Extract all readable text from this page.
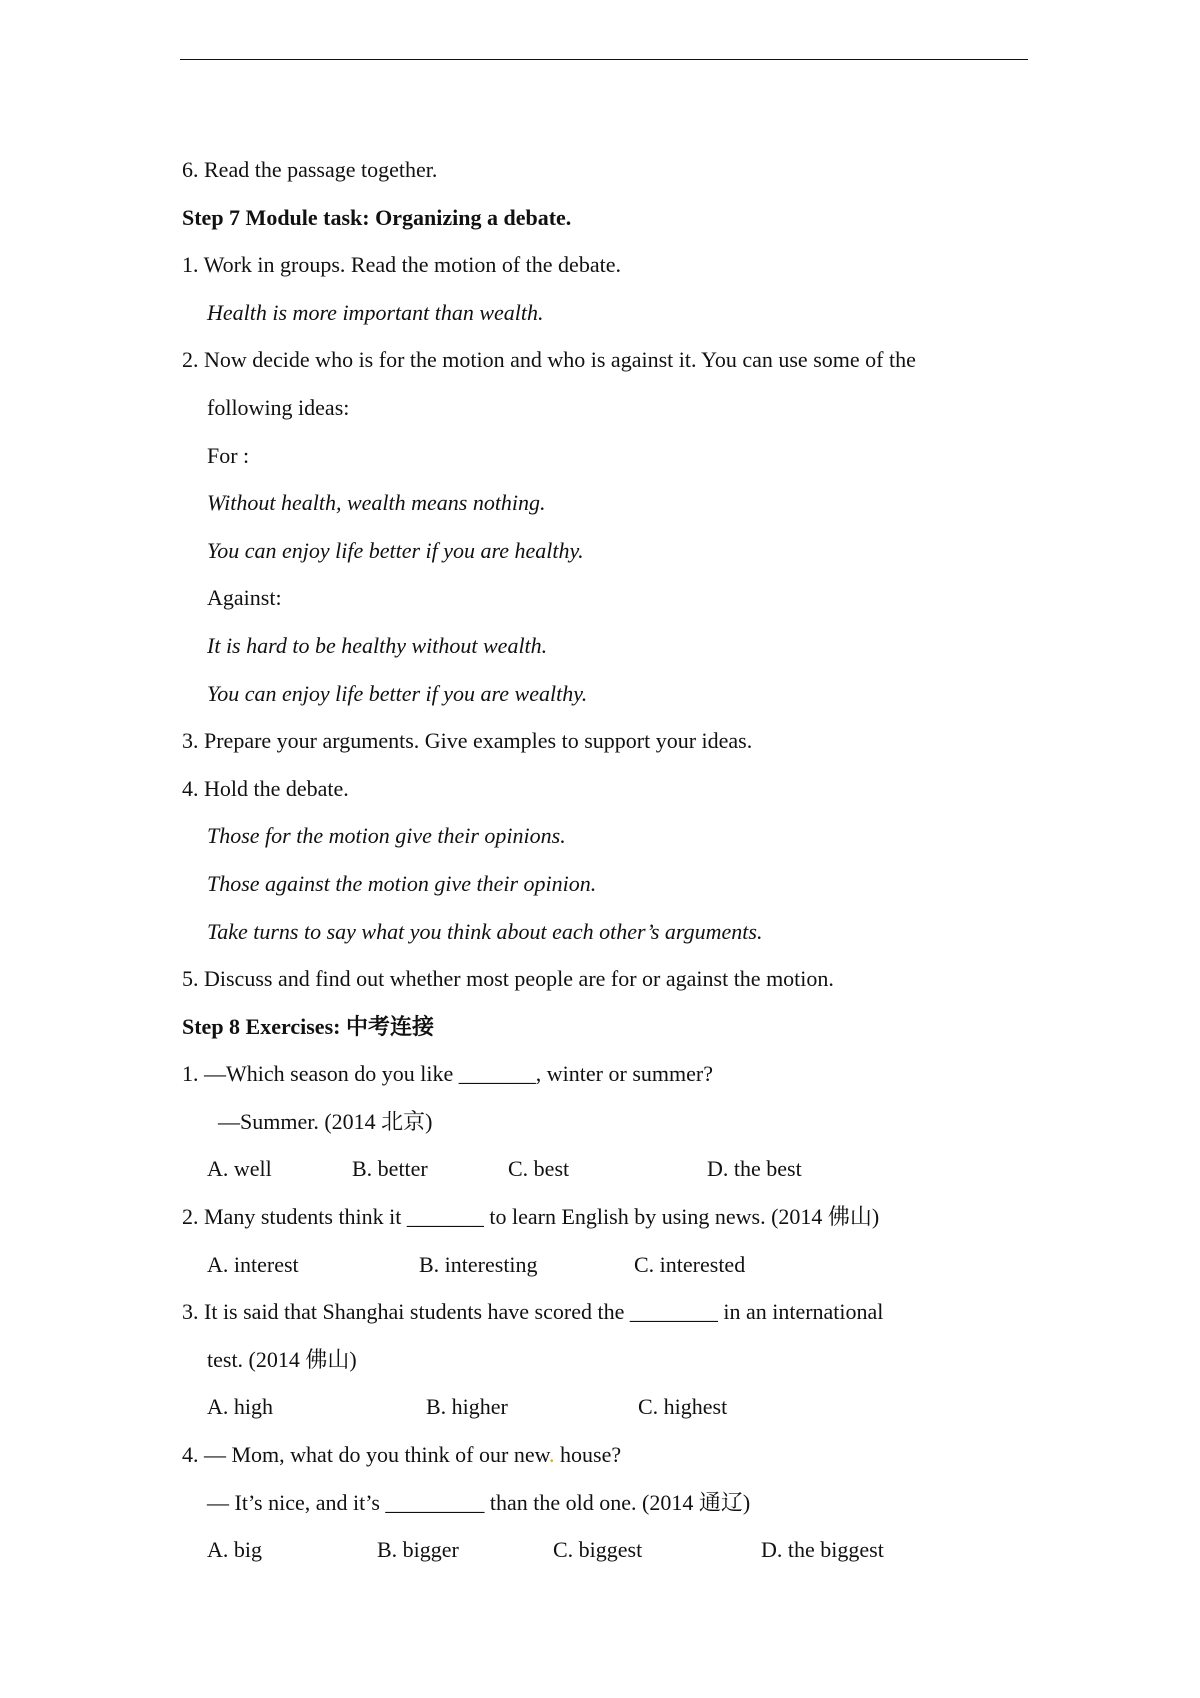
6. Read the passage together.
Step 7 Module task: Organizing a debate.
1. Work in groups. Read the motion of the debate.
Health is more important than wealth.
2. Now decide who is for the motion and who is against it. You can use some of the
following ideas:
For :
Without health, wealth means nothing.
You can enjoy life better if you are healthy.
Against:
It is hard to be healthy without wealth.
You can enjoy life better if you are wealthy.
3. Prepare your arguments. Give examples to support your ideas.
4. Hold the debate.
Those for the motion give their opinions.
Those against the motion give their opinion.
Take turns to say what you think about each other’s arguments.
5. Discuss and find out whether most people are for or against the motion.
Step 8 Exercises: 中考连接
1. —Which season do you like _______, winter or summer?
—Summer. (2014 北京)
A. well	B. better	C. best	D. the best
2. Many students think it _______ to learn English by using news. (2014 佛山)
A. interest	B. interesting	C. interested
3. It is said that Shanghai students have scored the ________ in an international
test. (2014 佛山)
A. high	B. higher	C. highest
4. — Mom, what do you think of our new. house?
— It’s nice, and it’s _________ than the old one. (2014 通辽)
A. big	B. bigger	C. biggest	D. the biggest
